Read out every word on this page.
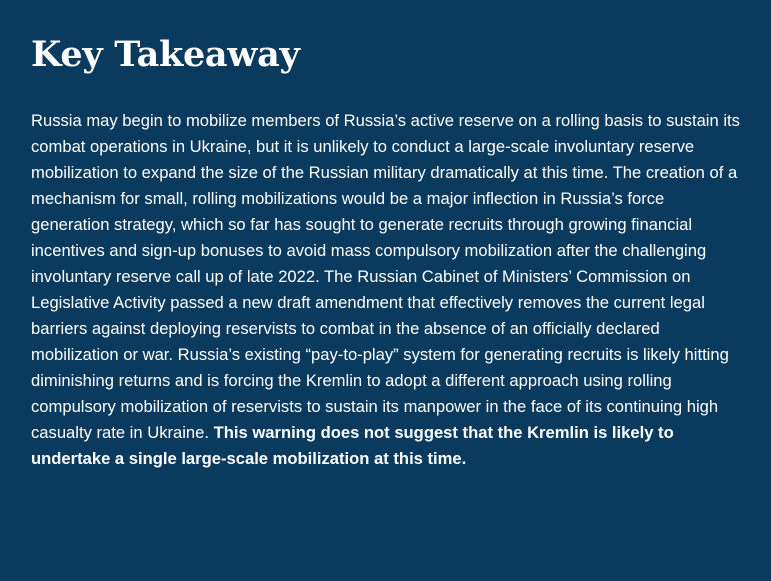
Key Takeaway

Russia may begin to mobilize members of Russia’s active reserve on a rolling basis to sustain its combat operations in Ukraine, but it is unlikely to conduct a large-scale involuntary reserve mobilization to expand the size of the Russian military dramatically at this time. The creation of a mechanism for small, rolling mobilizations would be a major inflection in Russia’s force generation strategy, which so far has sought to generate recruits through growing financial incentives and sign-up bonuses to avoid mass compulsory mobilization after the challenging involuntary reserve call up of late 2022. The Russian Cabinet of Ministers’ Commission on Legislative Activity passed a new draft amendment that effectively removes the current legal barriers against deploying reservists to combat in the absence of an officially declared mobilization or war. Russia’s existing “pay-to-play” system for generating recruits is likely hitting diminishing returns and is forcing the Kremlin to adopt a different approach using rolling compulsory mobilization of reservists to sustain its manpower in the face of its continuing high casualty rate in Ukraine. This warning does not suggest that the Kremlin is likely to undertake a single large-scale mobilization at this time.
